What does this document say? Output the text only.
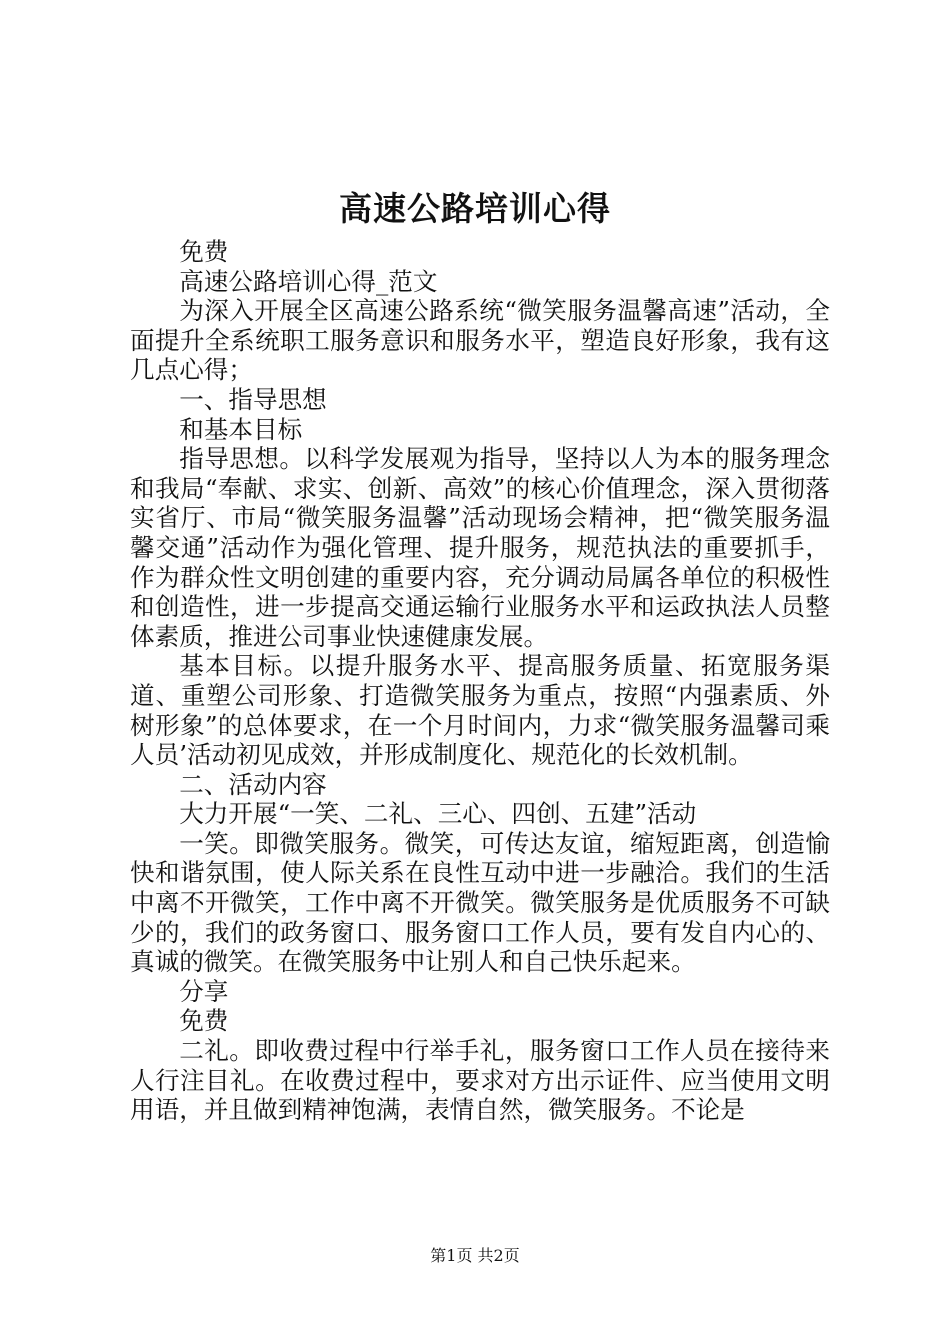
高速公路培训心得

免费

高速公路培训心得_范文

为深入开展全区高速公路系统“微笑服务温馨高速”活动，全面提升全系统职工服务意识和服务水平，塑造良好形象，我有这几点心得；

一、指导思想

和基本目标

指导思想。以科学发展观为指导，坚持以人为本的服务理念和我局“奉献、求实、创新、高效”的核心价值理念，深入贯彻落实省厅、市局“微笑服务温馨”活动现场会精神，把“微笑服务温馨交通”活动作为强化管理、提升服务，规范执法的重要抓手，作为群众性文明创建的重要内容，充分调动局属各单位的积极性和创造性，进一步提高交通运输行业服务水平和运政执法人员整体素质，推进公司事业快速健康发展。

基本目标。以提升服务水平、提高服务质量、拓宽服务渠道、重塑公司形象、打造微笑服务为重点，按照“内强素质、外树形象”的总体要求，在一个月时间内，力求“微笑服务温馨司乘人员’活动初见成效，并形成制度化、规范化的长效机制。

二、活动内容

大力开展“一笑、二礼、三心、四创、五建”活动

一笑。即微笑服务。微笑，可传达友谊，缩短距离，创造愉快和谐氛围，使人际关系在良性互动中进一步融洽。我们的生活中离不开微笑，工作中离不开微笑。微笑服务是优质服务不可缺少的，我们的政务窗口、服务窗口工作人员，要有发自内心的、真诚的微笑。在微笑服务中让别人和自己快乐起来。

分享

免费

二礼。即收费过程中行举手礼，服务窗口工作人员在接待来人行注目礼。在收费过程中，要求对方出示证件、应当使用文明用语，并且做到精神饱满，表情自然，微笑服务。不论是

第1页 共2页
